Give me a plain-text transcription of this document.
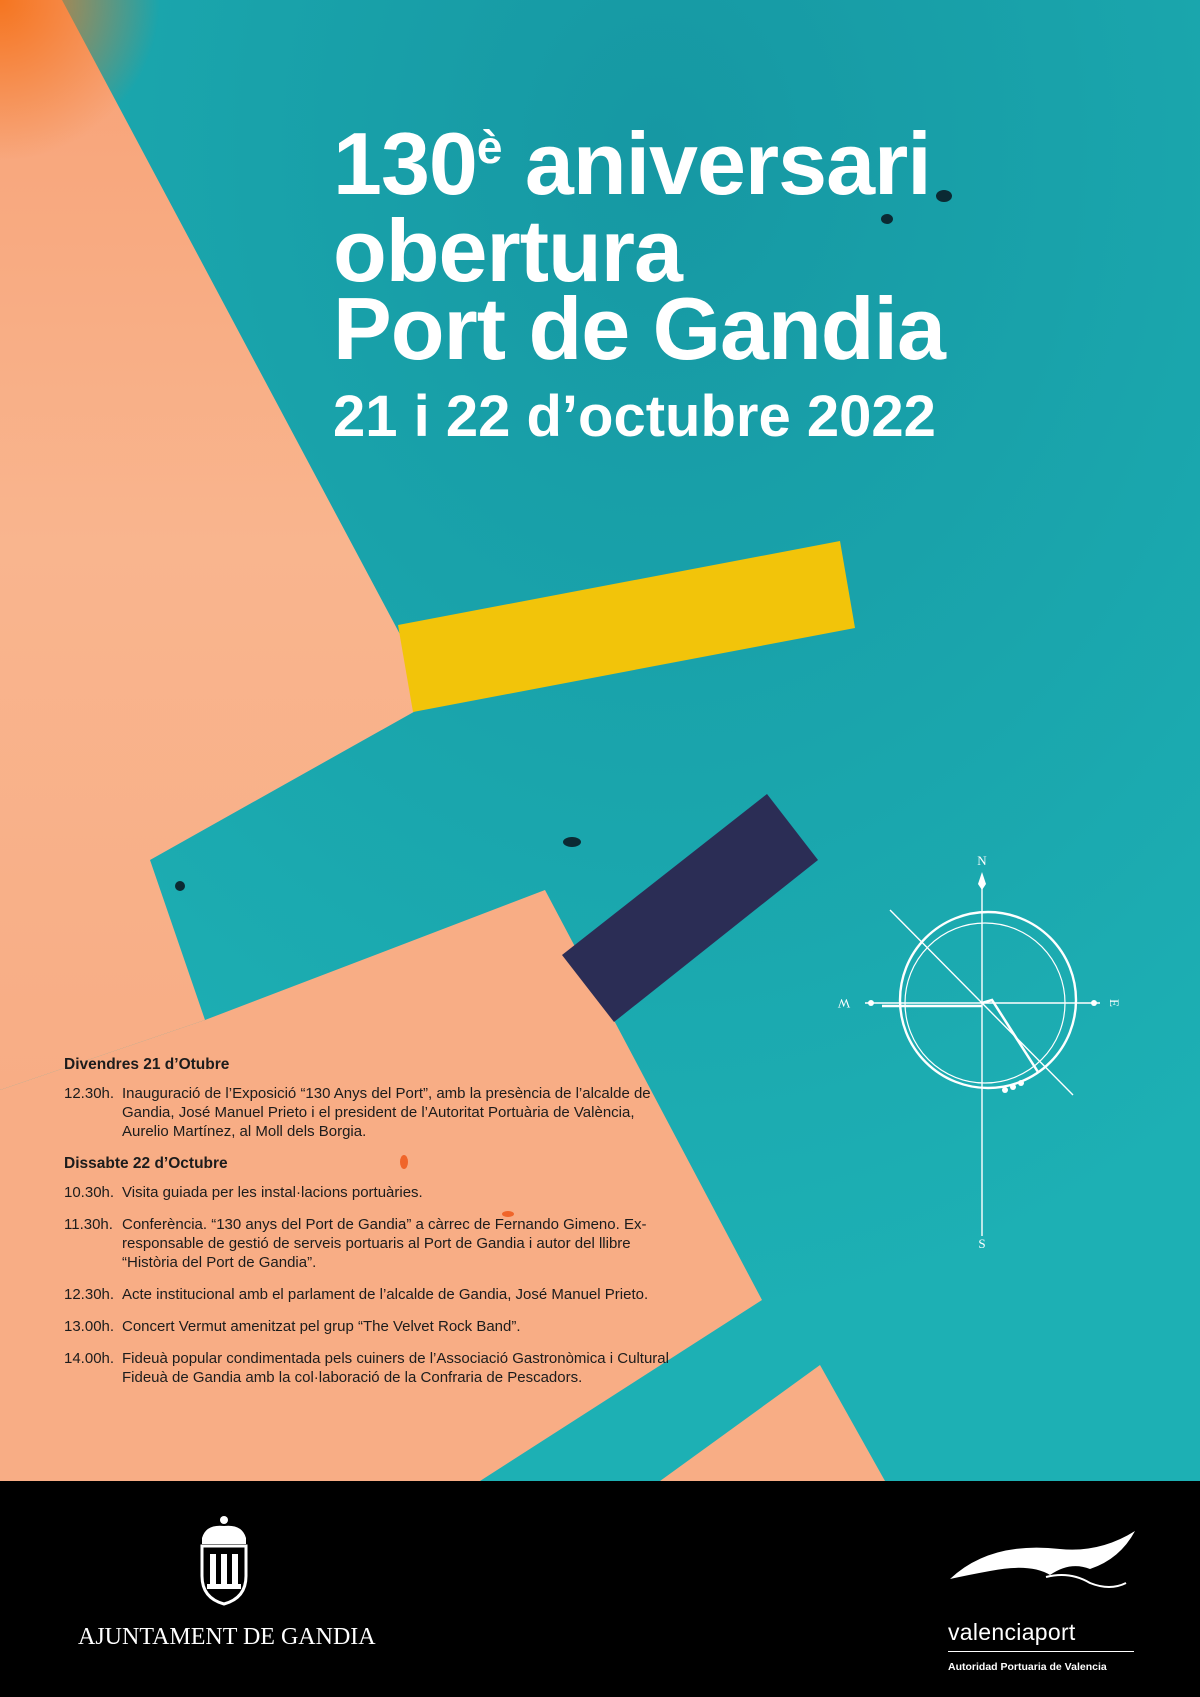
$130^è$ aniversari
obertura
Port de Gandia
21 i 22 d’octubre 2022
N
E
S
W
Divendres 21 d’Otubre
12.30h. Inauguració de l’Exposició “130 Anys del Port”, amb la presència de l’alcalde de Gandia, José Manuel Prieto i el president de l’Autoritat Portuària de València, Aurelio Martínez, al Moll dels Borgia.
Dissabte 22 d’Octubre
10.30h. Visita guiada per les instal·lacions portuàries.
11.30h. Conferència. “130 anys del Port de Gandia” a càrrec de Fernando Gimeno. Ex-responsable de gestió de serveis portuaris al Port de Gandia i autor del llibre “Història del Port de Gandia”.
12.30h. Acte institucional amb el parlament de l’alcalde de Gandia, José Manuel Prieto.
13.00h. Concert Vermut amenitzat pel grup “The Velvet Rock Band”.
14.00h. Fideuà popular condimentada pels cuiners de l’Associació Gastronòmica i Cultural Fideuà de Gandia amb la col·laboració de la Confraria de Pescadors.
AJUNTAMENT DE GANDIA	valenciaport
Autoridad Portuaria de Valencia
